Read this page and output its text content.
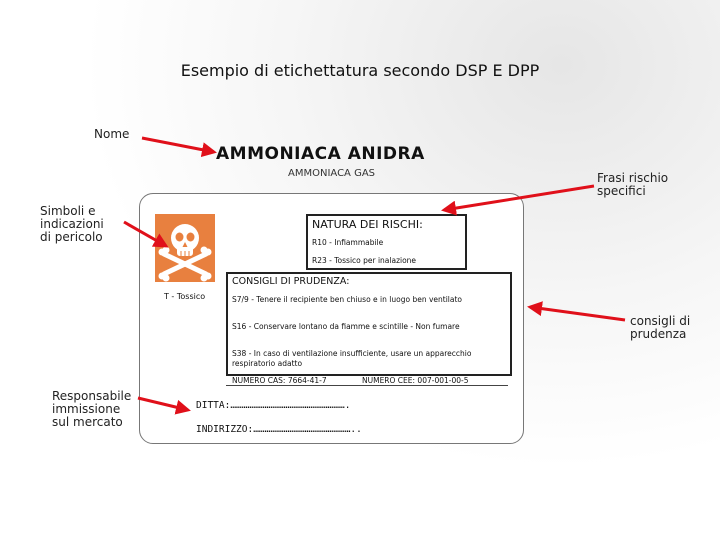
Esempio di etichettatura secondo DSP E DPP
Nome
Simboli e
indicazioni
di pericolo
Responsabile
immissione
sul mercato
Frasi rischio
specifici
consigli di
prudenza
AMMONIACA ANIDRA
AMMONIACA GAS
T - Tossico
NATURA DEI RISCHI:
R10 - Infiammabile
R23 - Tossico per inalazione
CONSIGLI DI PRUDENZA:
S7/9 - Tenere il recipiente ben chiuso e in luogo ben ventilato
S16 - Conservare lontano da fiamme e scintille - Non fumare
S38 - In caso di ventilazione insufficiente, usare un apparecchio respiratorio adatto
NUMERO CAS: 7664-41-7	NUMERO CEE: 007-001-00-5
DITTA:…………………………………………………….
INDIRIZZO:……………………………………………..
